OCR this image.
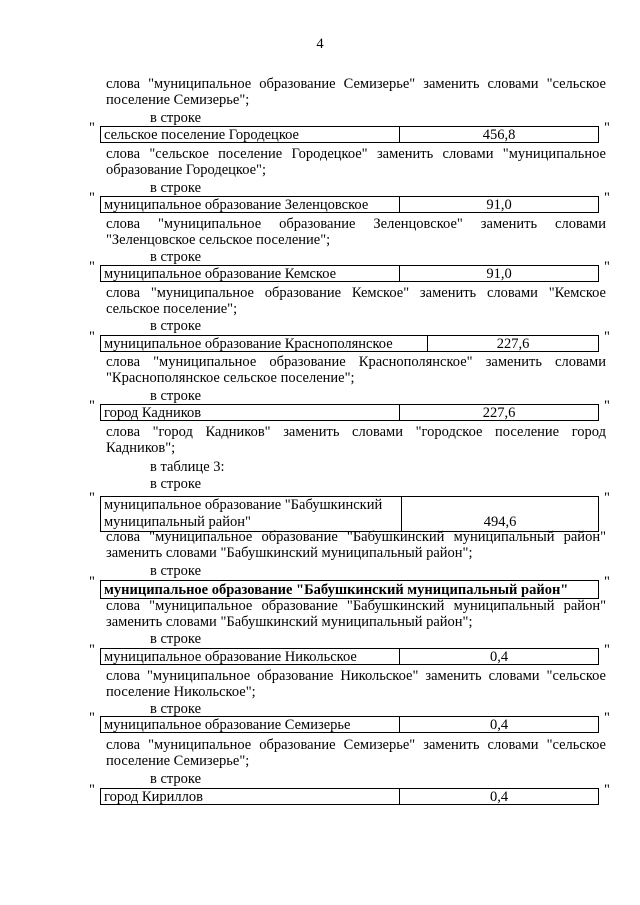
4

слова "муниципальное образование Семизерье" заменить словами "сельское поселение Семизерье";

в строке

сельское поселение Городецкое	456,8
"	"

слова "сельское поселение Городецкое" заменить словами "муниципальное образование Городецкое";

в строке

муниципальное образование Зеленцовское	91,0
"	"

слова "муниципальное образование Зеленцовское" заменить словами "Зеленцовское сельское поселение";

в строке

муниципальное образование Кемское	91,0
"	"

слова "муниципальное образование Кемское" заменить словами "Кемское сельское поселение";

в строке

муниципальное образование Краснополянское	227,6
"	"

слова "муниципальное образование Краснополянское" заменить словами "Краснополянское сельское поселение";

в строке

город Кадников	227,6
"	"

слова "город Кадников" заменить словами "городское поселение город Кадников";

в таблице 3:

в строке

муниципальное образование "Бабушкинский
муниципальный район"	494,6
"	"

слова "муниципальное образование "Бабушкинский муниципальный район" заменить словами "Бабушкинский муниципальный район";

в строке

муниципальное образование "Бабушкинский муниципальный район"
"	"

слова "муниципальное образование "Бабушкинский муниципальный район" заменить словами "Бабушкинский муниципальный район";

в строке

муниципальное образование Никольское	0,4
"	"

слова "муниципальное образование Никольское" заменить словами "сельское поселение Никольское";

в строке

муниципальное образование Семизерье	0,4
"	"

слова "муниципальное образование Семизерье" заменить словами "сельское поселение Семизерье";

в строке

город Кириллов	0,4
"	"
